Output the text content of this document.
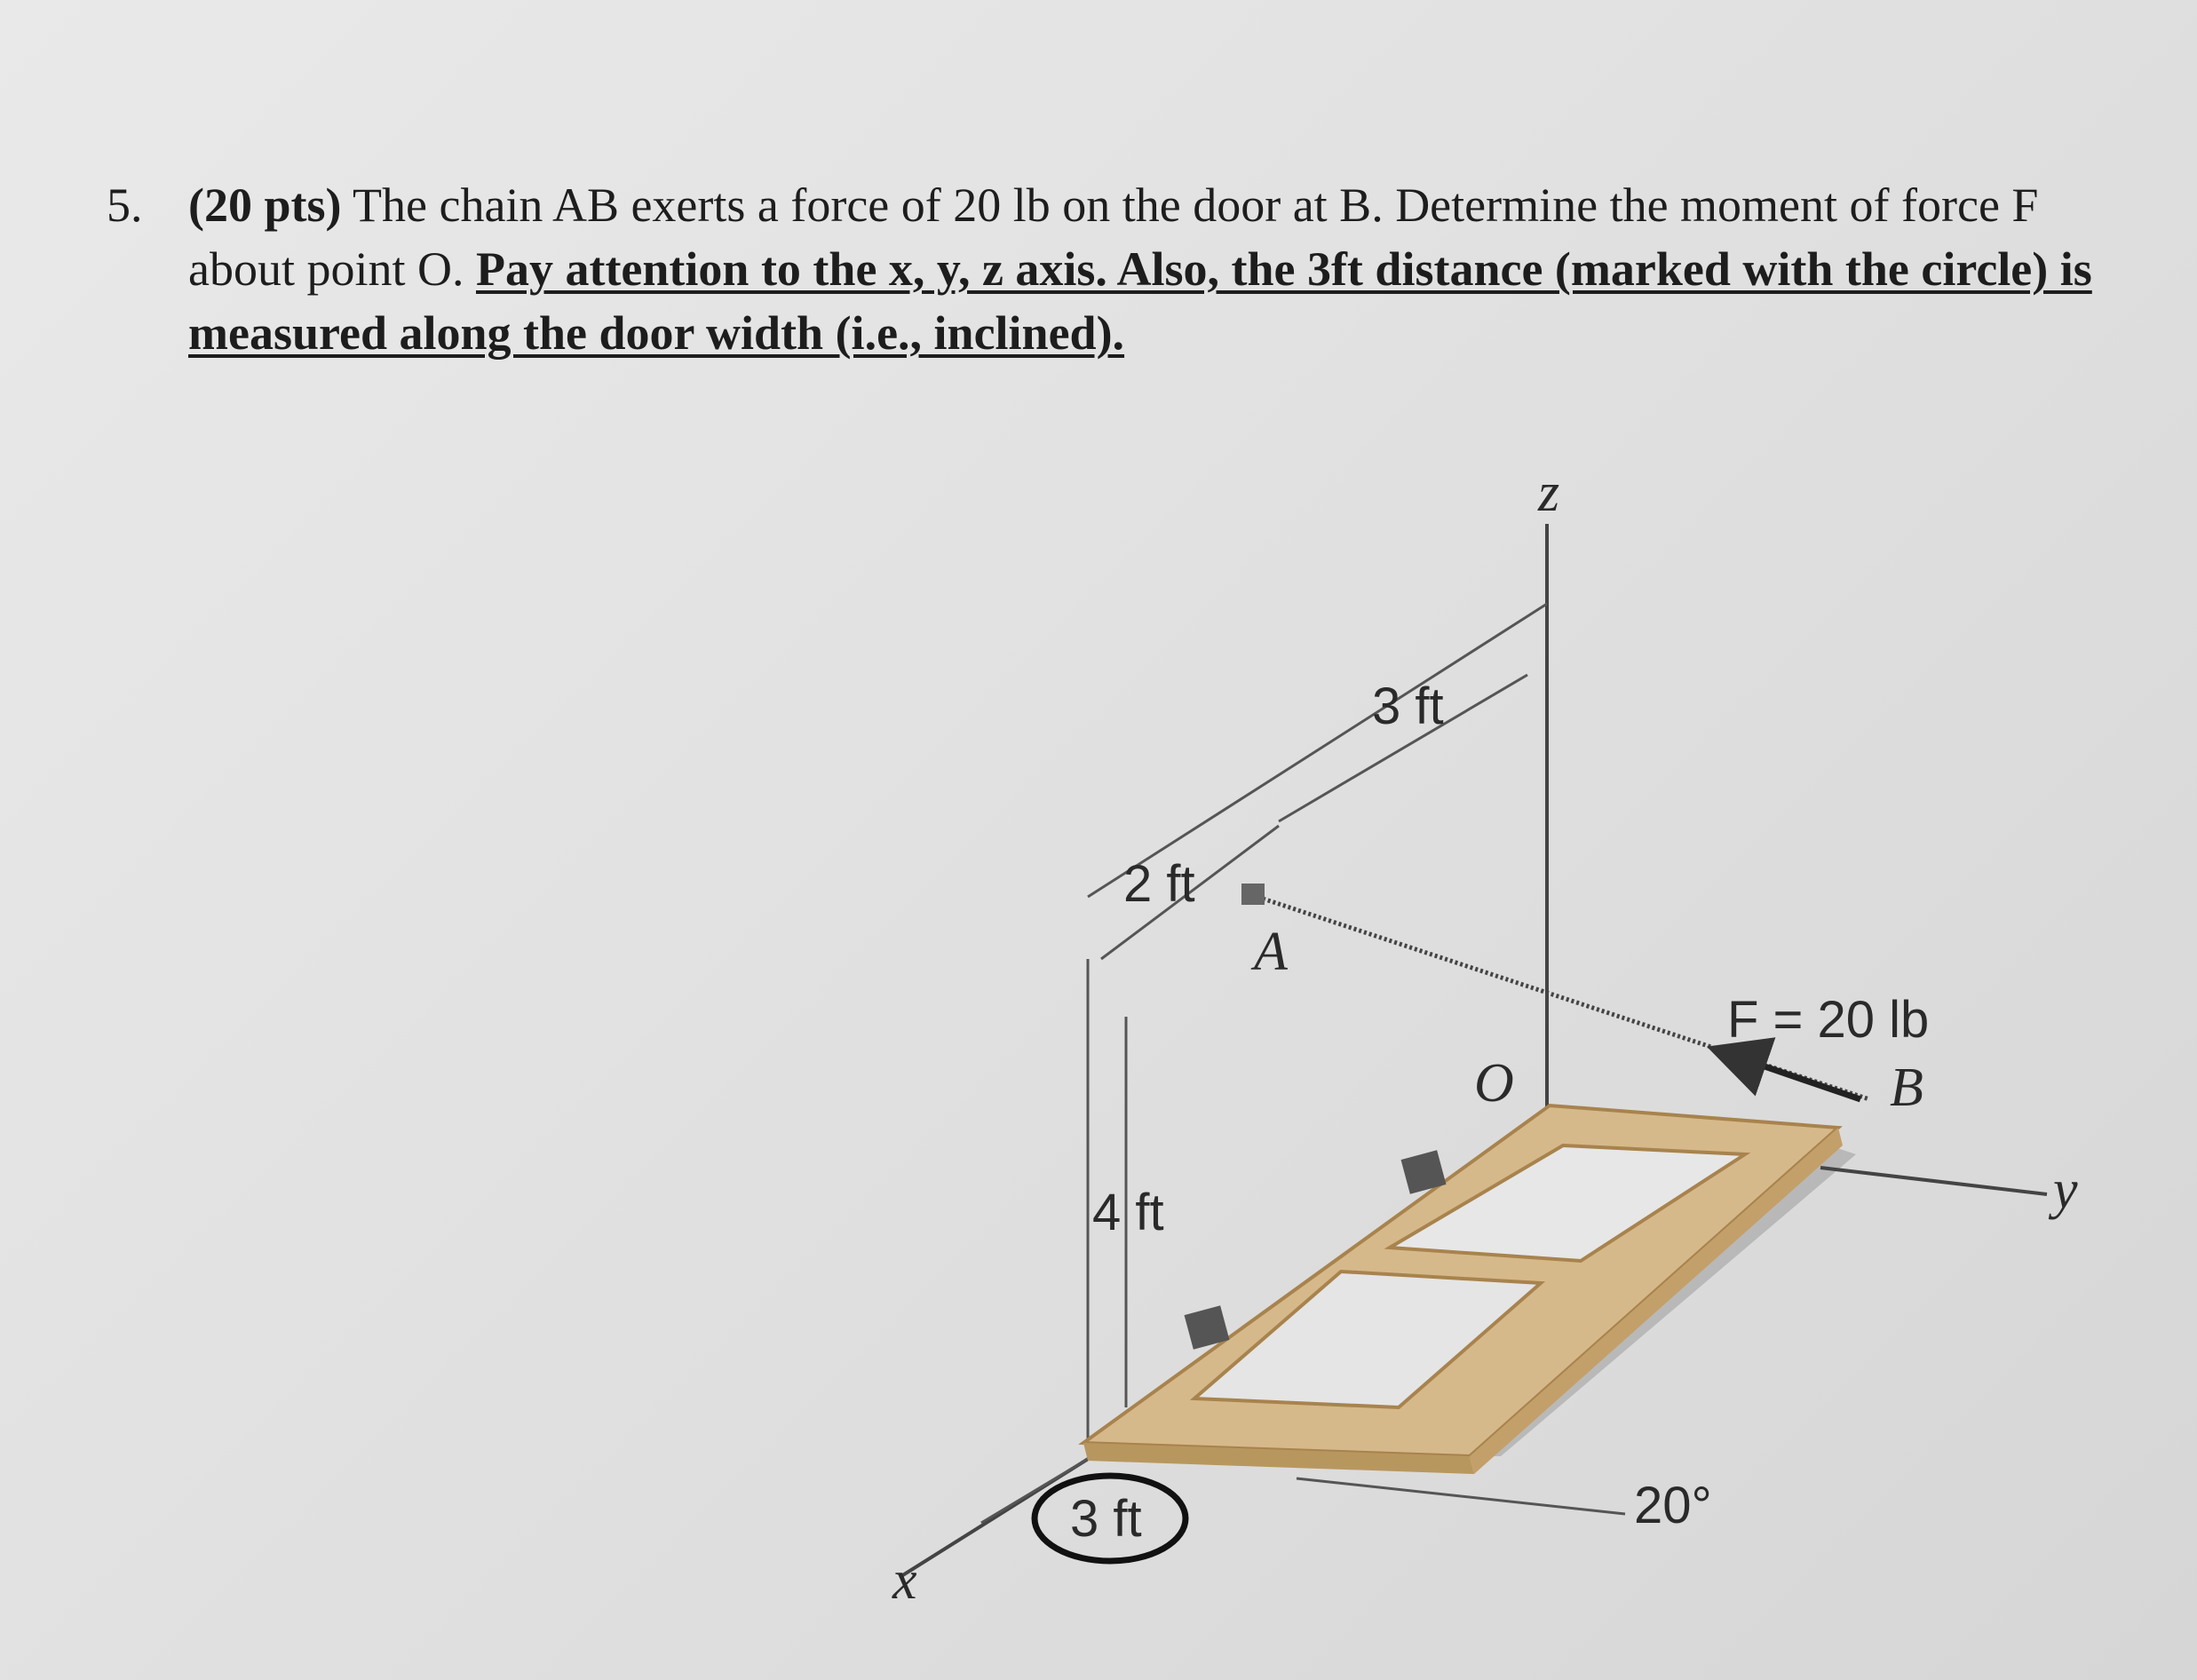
5. (20 pts) The chain AB exerts a force of 20 lb on the door at B. Determine the moment of force F about point O. Pay attention to the x, y, z axis. Also, the 3ft distance (marked with the circle) is measured along the door width (i.e., inclined).
z
y
x
3 ft
2 ft
4 ft
3 ft
A
O	B
F = 20 lb
20°
